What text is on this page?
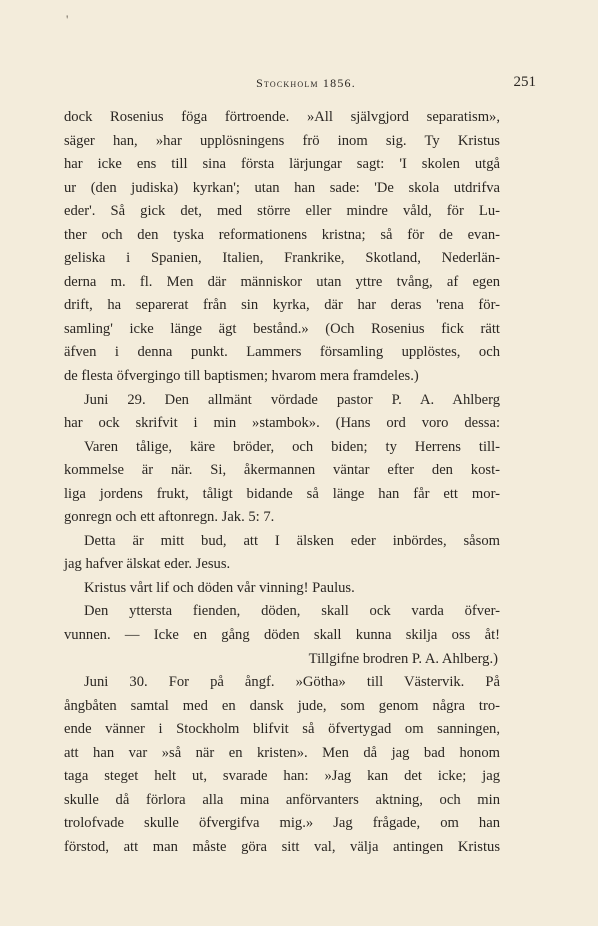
'
Stockholm 1856.	251
dock Rosenius föga förtroende. »All självgjord separatism»,
säger han, »har upplösningens frö inom sig. Ty Kristus
har icke ens till sina första lärjungar sagt: 'I skolen utgå
ur (den judiska) kyrkan'; utan han sade: 'De skola utdrifva
eder'. Så gick det, med större eller mindre våld, för Lu-
ther och den tyska reformationens kristna; så för de evan-
geliska i Spanien, Italien, Frankrike, Skotland, Nederlän-
derna m. fl. Men där människor utan yttre tvång, af egen
drift, ha separerat från sin kyrka, där har deras 'rena för-
samling' icke länge ägt bestånd.» (Och Rosenius fick rätt
äfven i denna punkt. Lammers församling upplöstes, och
de flesta öfvergingo till baptismen; hvarom mera framdeles.)
Juni 29. Den allmänt vördade pastor P. A. Ahlberg
har ock skrifvit i min »stambok». (Hans ord voro dessa:
Varen tålige, käre bröder, och biden; ty Herrens till-
kommelse är när. Si, åkermannen väntar efter den kost-
liga jordens frukt, tåligt bidande så länge han får ett mor-
gonregn och ett aftonregn. Jak. 5: 7.
Detta är mitt bud, att I älsken eder inbördes, såsom
jag hafver älskat eder. Jesus.
Kristus vårt lif och döden vår vinning! Paulus.
Den yttersta fienden, döden, skall ock varda öfver-
vunnen. — Icke en gång döden skall kunna skilja oss åt!
Tillgifne brodren P. A. Ahlberg.)
Juni 30. For på ångf. »Götha» till Västervik. På
ångbåten samtal med en dansk jude, som genom några tro-
ende vänner i Stockholm blifvit så öfvertygad om sanningen,
att han var »så när en kristen». Men då jag bad honom
taga steget helt ut, svarade han: »Jag kan det icke; jag
skulle då förlora alla mina anförvanters aktning, och min
trolofvade skulle öfvergifva mig.» Jag frågade, om han
förstod, att man måste göra sitt val, välja antingen Kristus
